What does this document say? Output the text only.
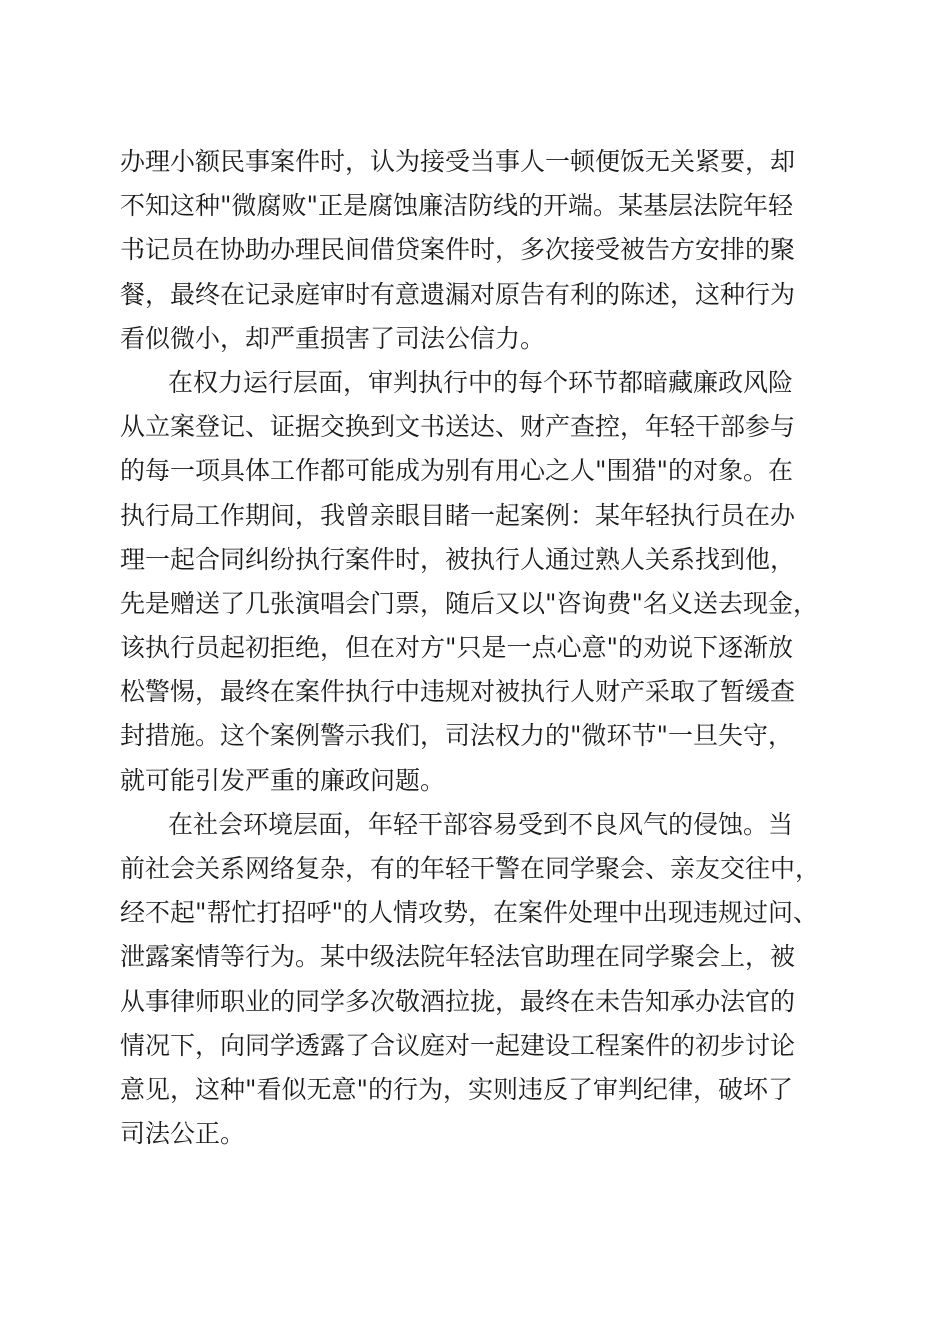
办理小额民事案件时，认为接受当事人一顿便饭无关紧要，却
不知这种"微腐败"正是腐蚀廉洁防线的开端。某基层法院年轻
书记员在协助办理民间借贷案件时，多次接受被告方安排的聚
餐，最终在记录庭审时有意遗漏对原告有利的陈述，这种行为
看似微小，却严重损害了司法公信力。
在权力运行层面，审判执行中的每个环节都暗藏廉政风险
从立案登记、证据交换到文书送达、财产查控，年轻干部参与
的每一项具体工作都可能成为别有用心之人"围猎"的对象。在
执行局工作期间，我曾亲眼目睹一起案例：某年轻执行员在办
理一起合同纠纷执行案件时，被执行人通过熟人关系找到他，
先是赠送了几张演唱会门票，随后又以"咨询费"名义送去现金，
该执行员起初拒绝，但在对方"只是一点心意"的劝说下逐渐放
松警惕，最终在案件执行中违规对被执行人财产采取了暂缓查
封措施。这个案例警示我们，司法权力的"微环节"一旦失守，
就可能引发严重的廉政问题。
在社会环境层面，年轻干部容易受到不良风气的侵蚀。当
前社会关系网络复杂，有的年轻干警在同学聚会、亲友交往中，
经不起"帮忙打招呼"的人情攻势，在案件处理中出现违规过问、
泄露案情等行为。某中级法院年轻法官助理在同学聚会上，被
从事律师职业的同学多次敬酒拉拢，最终在未告知承办法官的
情况下，向同学透露了合议庭对一起建设工程案件的初步讨论
意见，这种"看似无意"的行为，实则违反了审判纪律，破坏了
司法公正。
